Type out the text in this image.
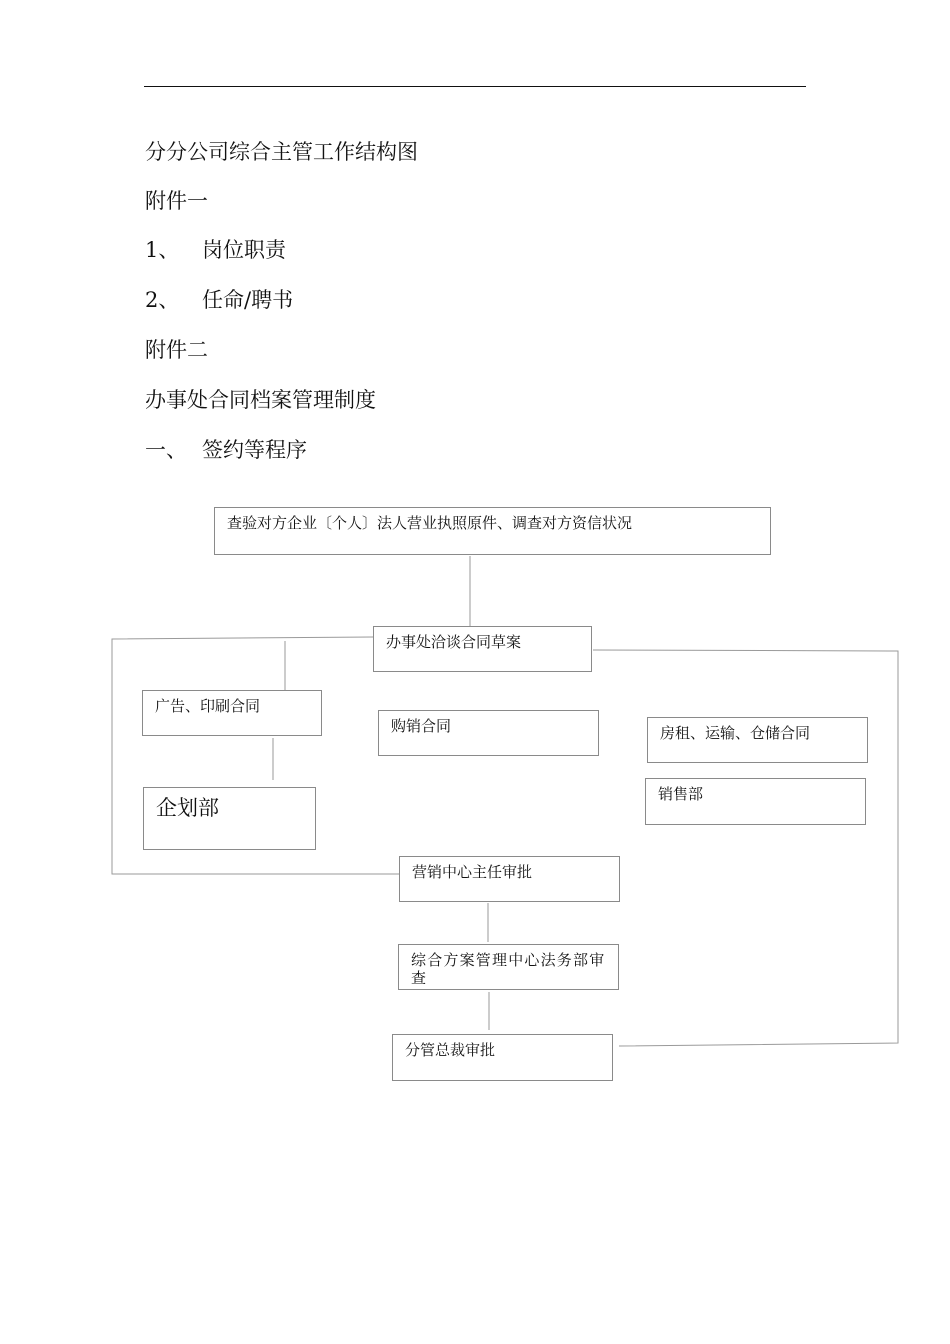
分分公司综合主管工作结构图
附件一
1、 岗位职责
2、 任命/聘书
附件二
办事处合同档案管理制度
一、 签约等程序
查验对方企业〔个人〕法人营业执照原件、调查对方资信状况
办事处洽谈合同草案
广告、印刷合同
购销合同	房租、运输、仓储合同
企划部
销售部
营销中心主任审批
综合方案管理中心法务部审查
分管总裁审批
